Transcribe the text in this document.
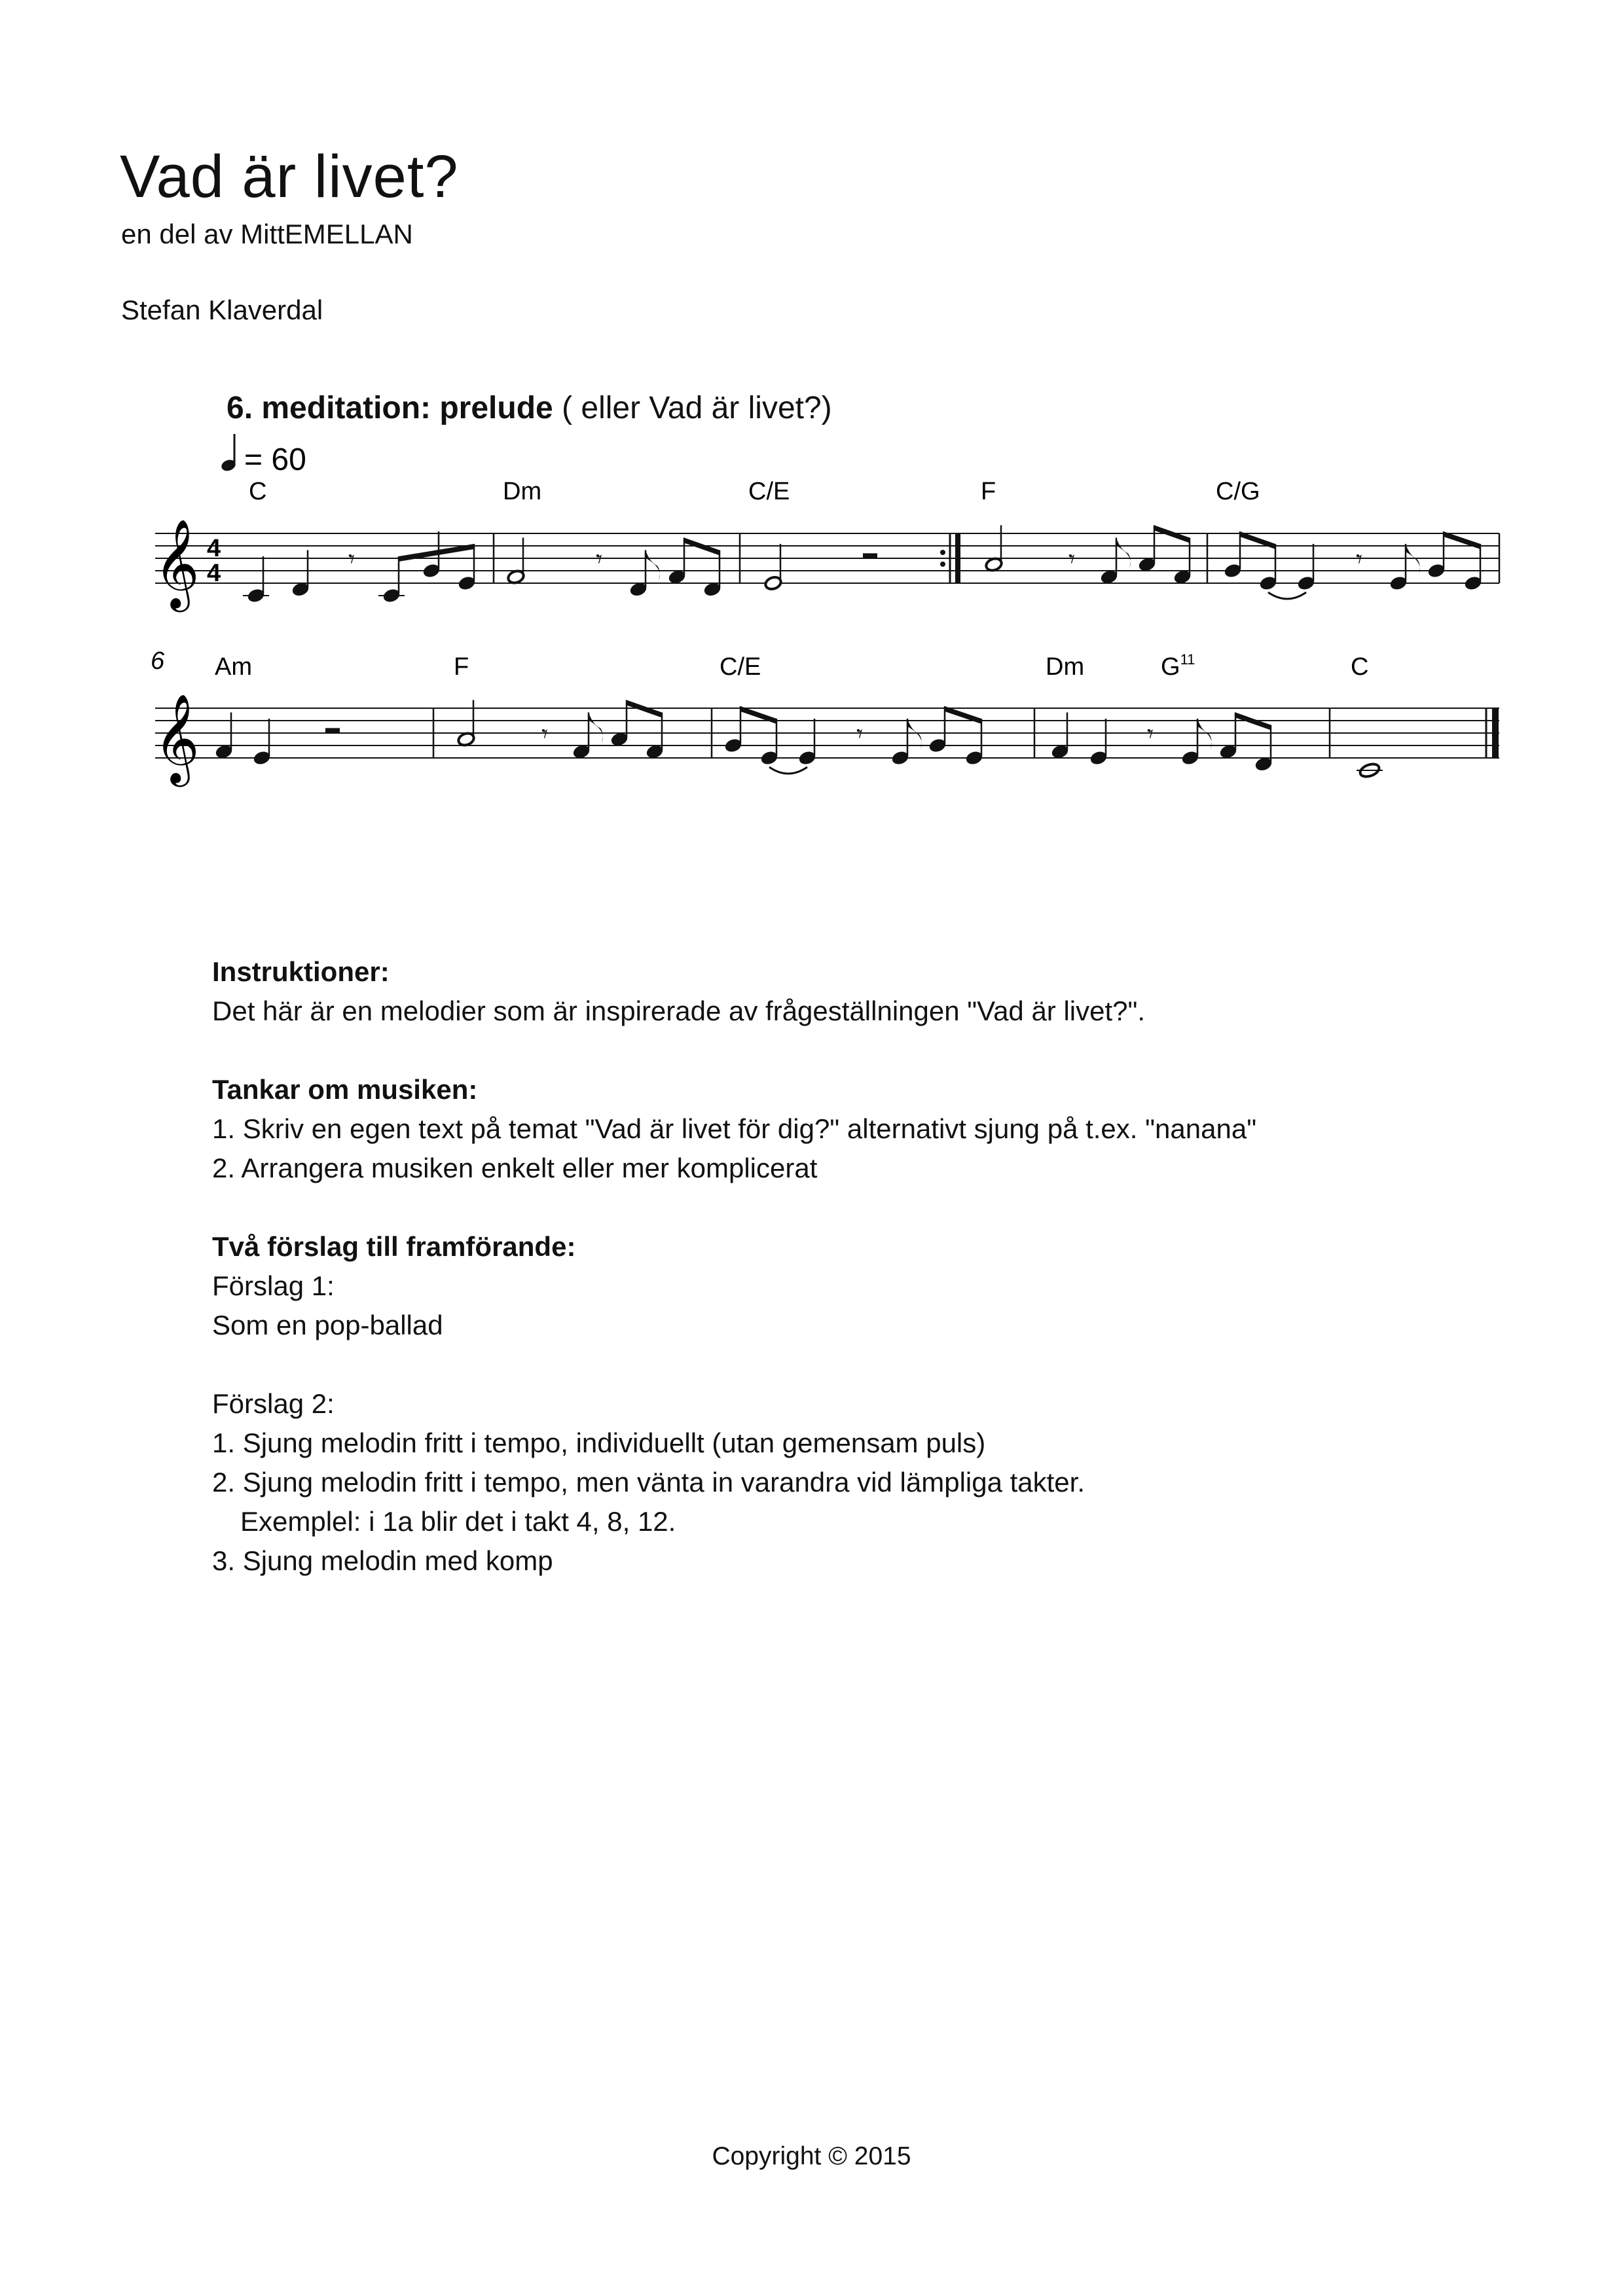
Vad är livet?
en del av MittEMELLAN
Stefan Klaverdal
6. meditation: prelude ( eller Vad är livet?)
= 60
𝄞 4
4
C	Dm	C/E	F	C/G
𝄾	𝄾	▬	𝄾	𝄾
6
𝄞
Am	F	C/E	Dm	$G^{11}$	C
▬	𝄾	𝄾	𝄾
Instruktioner:
Det här är en melodier som är inspirerade av frågeställningen "Vad är livet?".
Tankar om musiken:
1. Skriv en egen text på temat "Vad är livet för dig?" alternativt sjung på t.ex. "nanana"
2. Arrangera musiken enkelt eller mer komplicerat
Två förslag till framförande:
Förslag 1:
Som en pop-ballad
Förslag 2:
1. Sjung melodin fritt i tempo, individuellt (utan gemensam puls)
2. Sjung melodin fritt i tempo, men vänta in varandra vid lämpliga takter.
Exemplel: i 1a blir det i takt 4, 8, 12.
3. Sjung melodin med komp
Copyright © 2015
